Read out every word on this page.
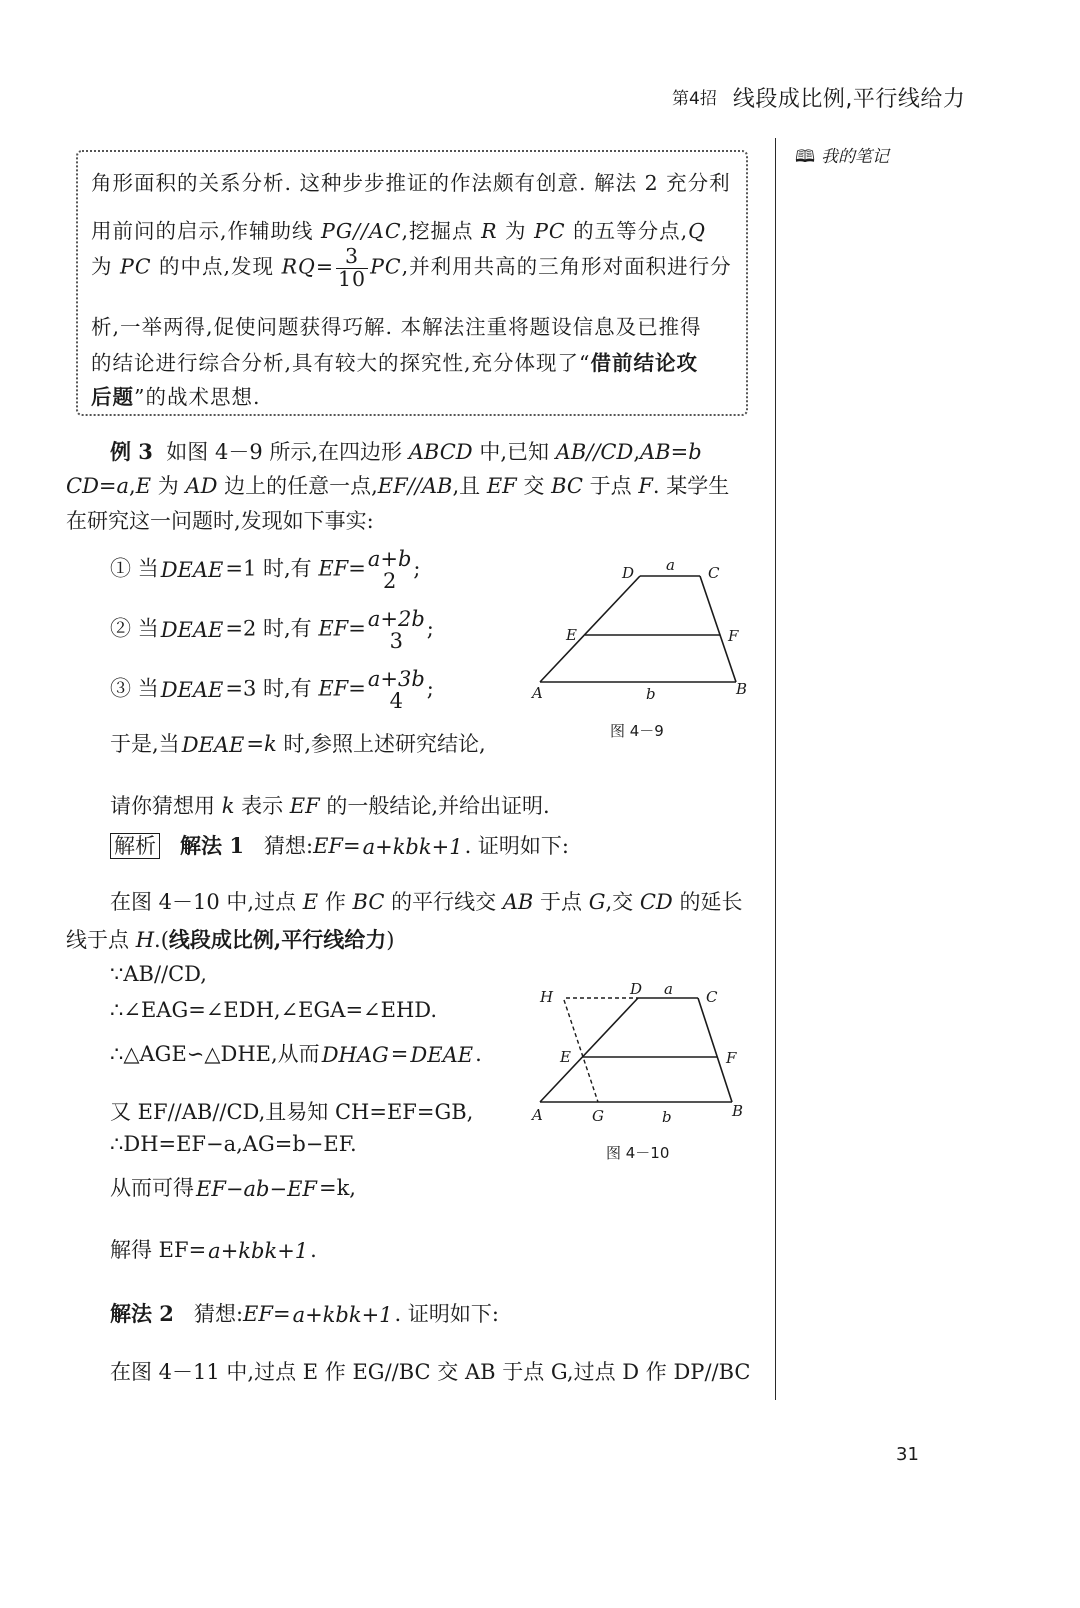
第4招 线段成比例,平行线给力
🕮 我的笔记

角形面积的关系分析. 这种步步推证的作法颇有创意. 解法 2 充分利

用前问的启示,作辅助线 PG//AC,挖掘点 R 为 PC 的五等分点,Q

为 PC 的中点,发现 $RQ= \frac{3}{10}$ PC,并利用共高的三角形对面积进行分

析,一举两得,促使问题获得巧解. 本解法注重将题设信息及已推得

的结论进行综合分析,具有较大的探究性,充分体现了“借前结论攻

后题”的战术思想.

例 3 如图 4－9 所示,在四边形 ABCD 中,已知 AB//CD,AB=b
CD=a,E 为 AD 边上的任意一点,EF//AB,且 EF 交 BC 于点 F. 某学生
在研究这一问题时,发现如下事实:
① 当DEAE=1 时,有 EF=a+b
2
;
② 当DEAE=2 时,有 EF=a+2b
3
;
③ 当DEAE=3 时,有 EF=a+3b
4
;
于是,当DEAE=k 时,参照上述研究结论,
请你猜想用 k 表示 EF 的一般结论,并给出证明.
D a C
E	F
A	b	B
图 4－9
解析 解法 1 猜想:EF=a+kbk+1. 证明如下:
在图 4－10 中,过点 E 作 BC 的平行线交 AB 于点 G,交 CD 的延长
线于点 H.(线段成比例,平行线给力)
∵AB//CD,
∴∠EAG=∠EDH,∠EGA=∠EHD.
∴△AGE∽△DHE,从而DHAG=DEAE.
又 EF//AB//CD,且易知 CH=EF=GB,
∴DH=EF−a,AG=b−EF.
从而可得EF−ab−EF=k,
解得 EF=a+kbk+1.
H	D a C
E	F
A	G	b	B
图 4－10
解法 2 猜想:EF=a+kbk+1. 证明如下:
在图 4－11 中,过点 E 作 EG//BC 交 AB 于点 G,过点 D 作 DP//BC
31
